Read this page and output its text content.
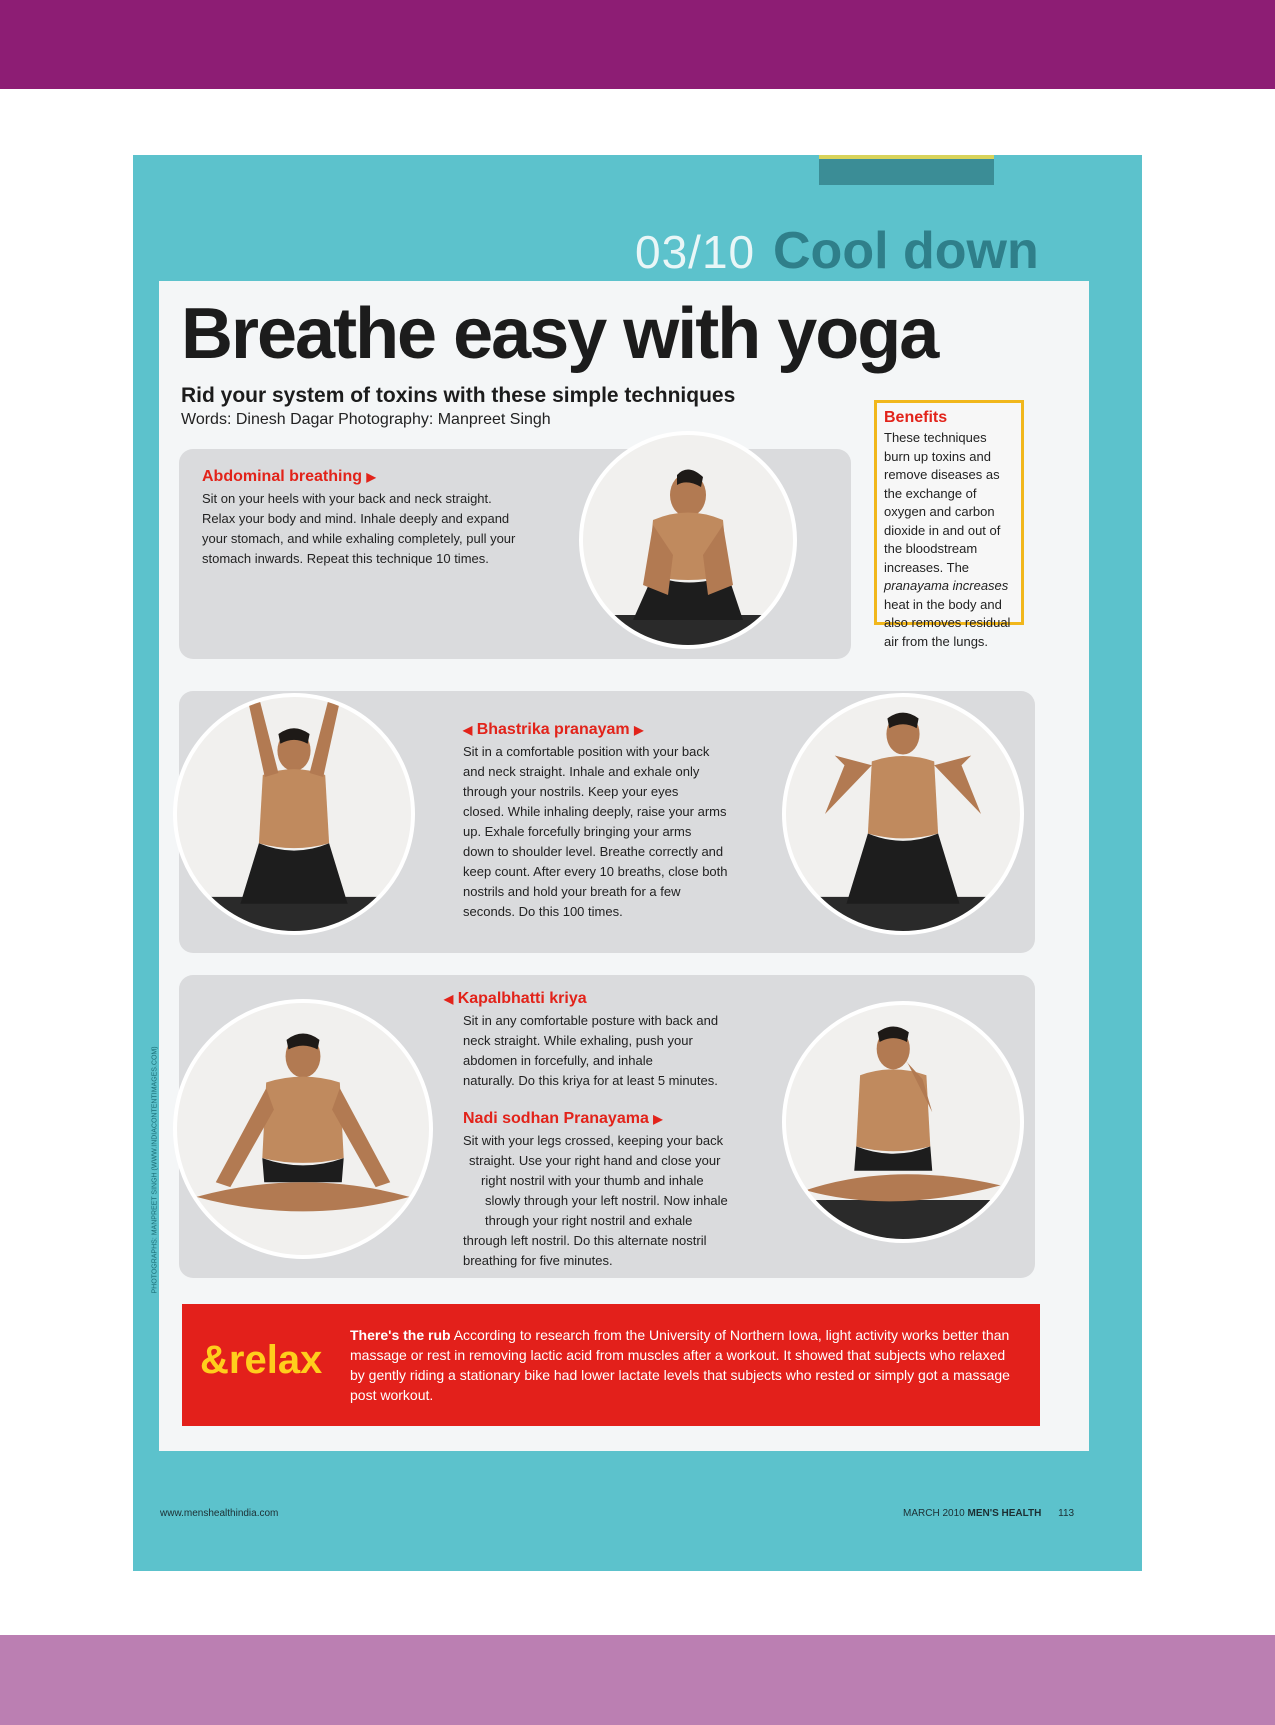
03/10 Cool down
Breathe easy with yoga
Rid your system of toxins with these simple techniques
Words: Dinesh Dagar Photography: Manpreet Singh	Benefits
These techniques
burn up toxins and
remove diseases as
the exchange of
oxygen and carbon
dioxide in and out of
the bloodstream
increases. The
pranayama increases
heat in the body and
also removes residual
air from the lungs.
Abdominal breathing ▶
Sit on your heels with your back and neck straight.
Relax your body and mind. Inhale deeply and expand
your stomach, and while exhaling completely, pull your
stomach inwards. Repeat this technique 10 times.
◀ Bhastrika pranayam ▶
Sit in a comfortable position with your back
and neck straight. Inhale and exhale only
through your nostrils. Keep your eyes
closed. While inhaling deeply, raise your arms
up. Exhale forcefully bringing your arms
down to shoulder level. Breathe correctly and
keep count. After every 10 breaths, close both
nostrils and hold your breath for a few
seconds. Do this 100 times.
◀ Kapalbhatti kriya
Sit in any comfortable posture with back and
neck straight. While exhaling, push your
abdomen in forcefully, and inhale
naturally. Do this kriya for at least 5 minutes.
Nadi sodhan Pranayama ▶
Sit with your legs crossed, keeping your back
straight. Use your right hand and close your
right nostril with your thumb and inhale
slowly through your left nostril. Now inhale
through your right nostril and exhale
through left nostril. Do this alternate nostril
breathing for five minutes.
&relax
There's the rub According to research from the University of Northern Iowa, light activity works better than massage or rest in removing lactic acid from muscles after a workout. It showed that subjects who relaxed by gently riding a stationary bike had lower lactate levels that subjects who rested or simply got a massage post workout.
PHOTOGRAPHS: MANPREET SINGH (WWW.INDIACONTENTIMAGES.COM)
www.menshealthindia.com	MARCH 2010 MEN'S HEALTH 113
